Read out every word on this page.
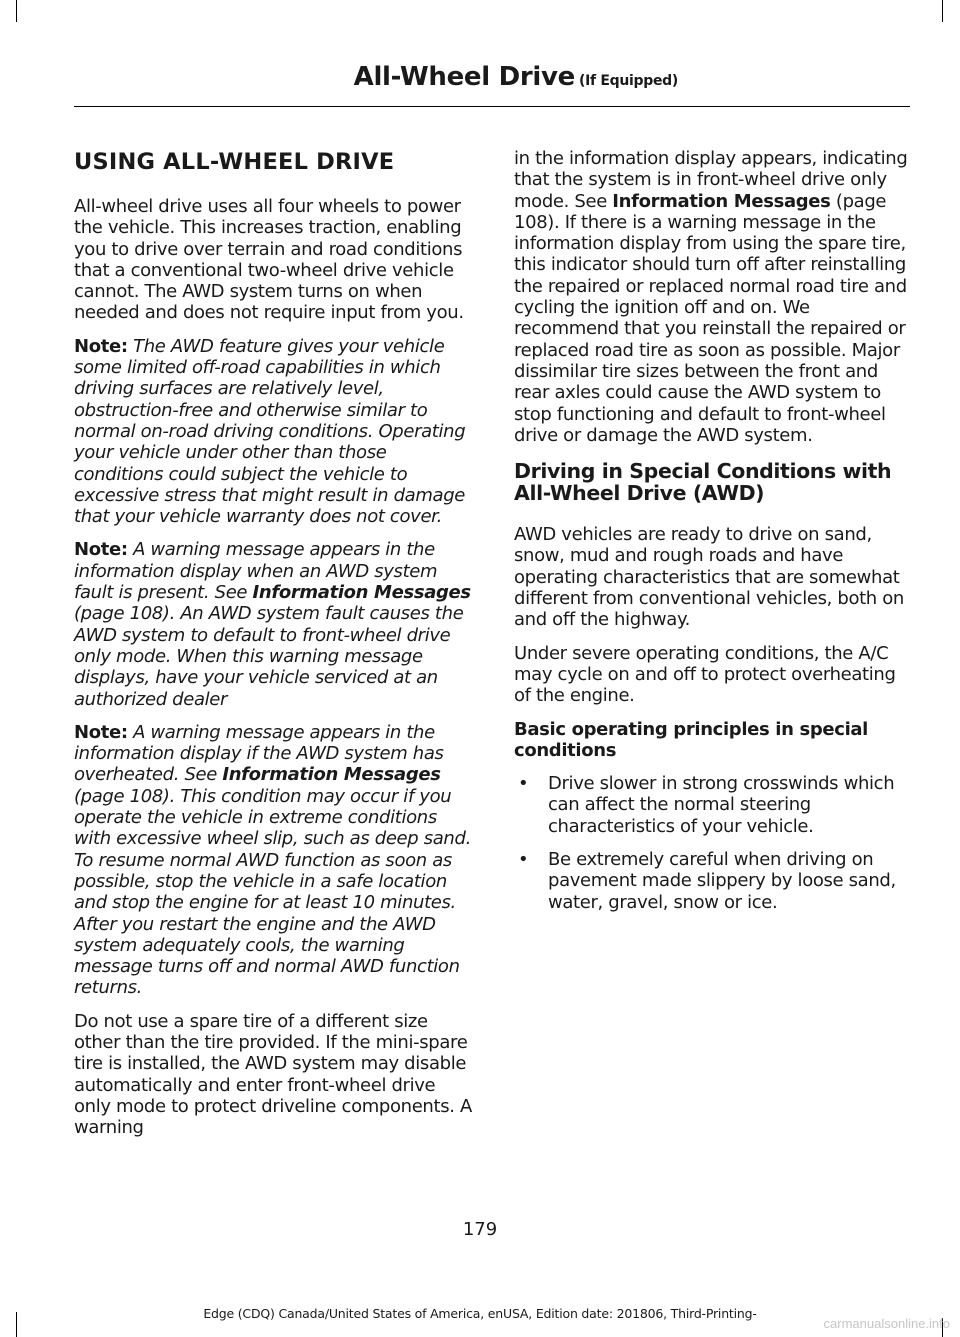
All-Wheel Drive (If Equipped)
USING ALL-WHEEL DRIVE

All-wheel drive uses all four wheels to power the vehicle. This increases traction, enabling you to drive over terrain and road conditions that a conventional two-wheel drive vehicle cannot. The AWD system turns on when needed and does not require input from you.

Note: The AWD feature gives your vehicle some limited off-road capabilities in which driving surfaces are relatively level, obstruction-free and otherwise similar to normal on-road driving conditions. Operating your vehicle under other than those conditions could subject the vehicle to excessive stress that might result in damage that your vehicle warranty does not cover.

Note: A warning message appears in the information display when an AWD system fault is present. See Information Messages (page 108). An AWD system fault causes the AWD system to default to front-wheel drive only mode. When this warning message displays, have your vehicle serviced at an authorized dealer

Note: A warning message appears in the information display if the AWD system has overheated. See Information Messages (page 108). This condition may occur if you operate the vehicle in extreme conditions with excessive wheel slip, such as deep sand. To resume normal AWD function as soon as possible, stop the vehicle in a safe location and stop the engine for at least 10 minutes. After you restart the engine and the AWD system adequately cools, the warning message turns off and normal AWD function returns.

Do not use a spare tire of a different size other than the tire provided. If the mini-spare tire is installed, the AWD system may disable automatically and enter front-wheel drive only mode to protect driveline components. A warning

in the information display appears, indicating that the system is in front-wheel drive only mode. See Information Messages (page 108). If there is a warning message in the information display from using the spare tire, this indicator should turn off after reinstalling the repaired or replaced normal road tire and cycling the ignition off and on. We recommend that you reinstall the repaired or replaced road tire as soon as possible. Major dissimilar tire sizes between the front and rear axles could cause the AWD system to stop functioning and default to front-wheel drive or damage the AWD system.

Driving in Special Conditions with All-Wheel Drive (AWD)

AWD vehicles are ready to drive on sand, snow, mud and rough roads and have operating characteristics that are somewhat different from conventional vehicles, both on and off the highway.

Under severe operating conditions, the A/C may cycle on and off to protect overheating of the engine.

Basic operating principles in special conditions
• Drive slower in strong crosswinds which can affect the normal steering characteristics of your vehicle.
• Be extremely careful when driving on pavement made slippery by loose sand, water, gravel, snow or ice.
179
Edge (CDQ) Canada/United States of America, enUSA, Edition date: 201806, Third-Printing-
carmanualsonline.info
